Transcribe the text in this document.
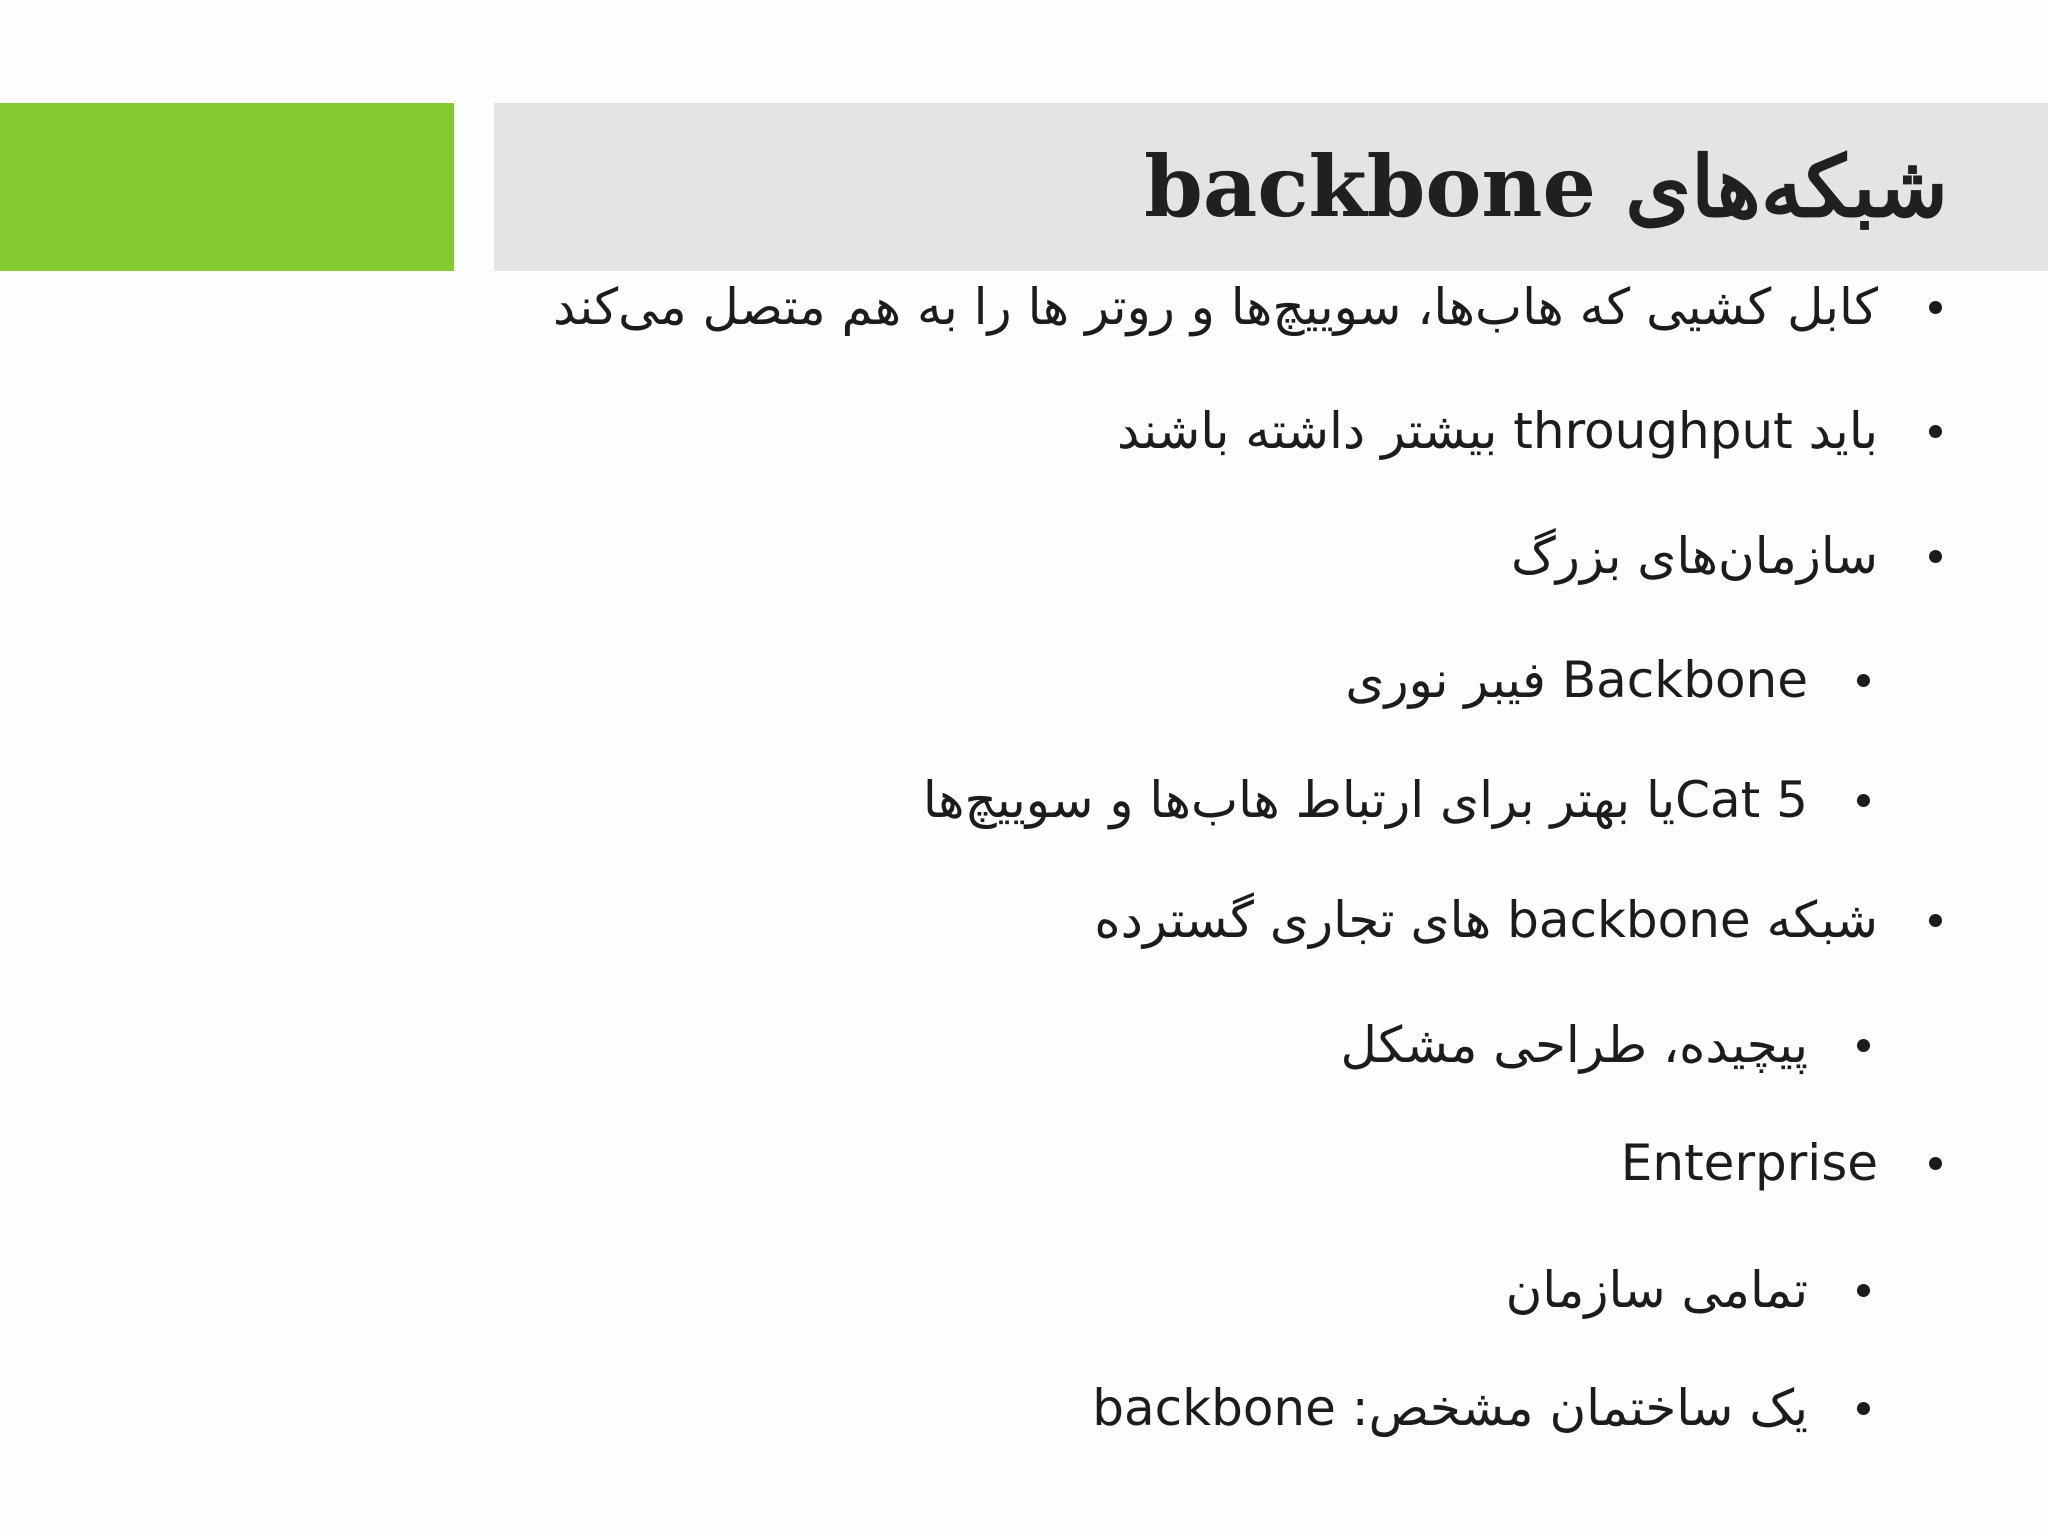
شبکه‌های backbone
کابل کشیی که هاب‌ها، سوییچ‌ها و روتر ها را به هم متصل می‌کند
باید throughput بیشتر داشته باشند
سازمان‌های بزرگ
Backbone فیبر نوری
Cat 5یا بهتر برای ارتباط هاب‌ها و سوییچ‌ها
شبکه backbone های تجاری گسترده
پیچیده، طراحی مشکل
Enterprise
تمامی سازمان
یک ساختمان مشخص: backbone
